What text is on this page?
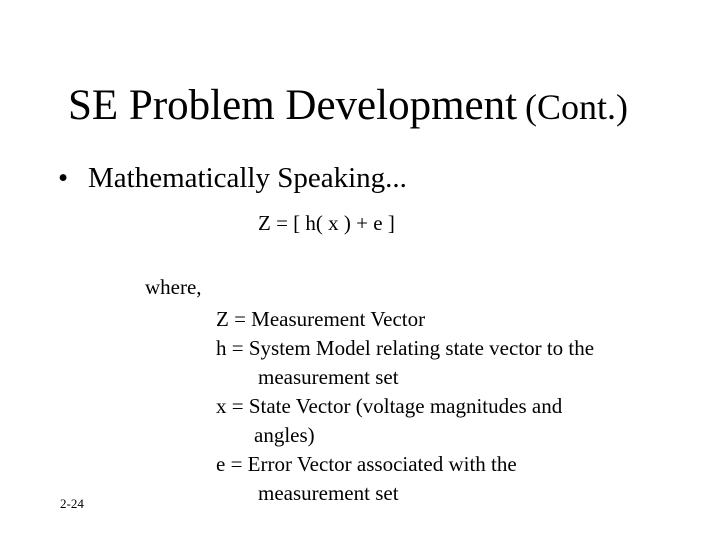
SE Problem Development (Cont.)
• Mathematically Speaking...
Z = [ h( x ) + e ]
where,
Z = Measurement Vector
h = System Model relating state vector to the
measurement set
x = State Vector (voltage magnitudes and
angles)
e = Error Vector associated with the
measurement set
2-24
